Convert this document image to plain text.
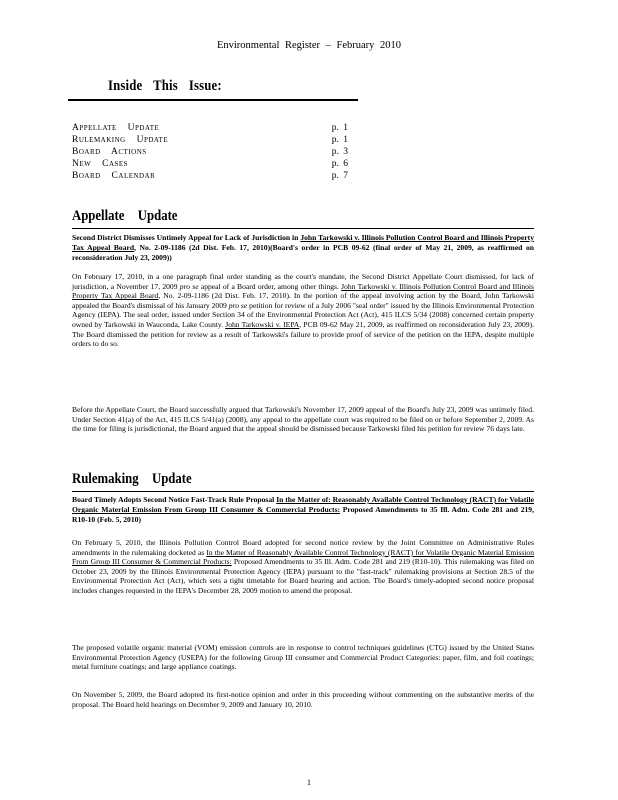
Environmental Register – February 2010
Inside This Issue:
Appellate Update	p. 1
Rulemaking Update	p. 1
Board Actions	p. 3
New Cases	p. 6
Board Calendar	p. 7
Appellate Update
Second District Dismisses Untimely Appeal for Lack of Jurisdiction in John Tarkowski v. Illinois Pollution Control Board and Illinois Property Tax Appeal Board, No. 2-09-1186 (2d Dist. Feb. 17, 2010)(Board's order in PCB 09-62 (final order of May 21, 2009, as reaffirmed on reconsideration July 23, 2009))
On February 17, 2010, in a one paragraph final order standing as the court's mandate, the Second District Appellate Court dismissed, for lack of jurisdiction, a November 17, 2009 pro se appeal of a Board order, among other things. John Tarkowski v. Illinois Pollution Control Board and Illinois Property Tax Appeal Board, No. 2-09-1186 (2d Dist. Feb. 17, 2010). In the portion of the appeal involving action by the Board, John Tarkowski appealed the Board's dismissal of his January 2009 pro se petition for review of a July 2006 "seal order" issued by the Illinois Environmental Protection Agency (IEPA). The seal order, issued under Section 34 of the Environmental Protection Act (Act), 415 ILCS 5/34 (2008) concerned certain property owned by Tarkowski in Wauconda, Lake County. John Tarkowski v. IEPA, PCB 09-62 May 21, 2009, as reaffirmed on reconsideration July 23, 2009). The Board dismissed the petition for review as a result of Tarkowski's failure to provide proof of service of the petition on the IEPA, despite multiple orders to do so.
Before the Appellate Court, the Board successfully argued that Tarkowski's November 17, 2009 appeal of the Board's July 23, 2009 was untimely filed. Under Section 41(a) of the Act, 415 ILCS 5/41(a) (2008), any appeal to the appellate court was required to be filed on or before September 2, 2009. As the time for filing is jurisdictional, the Board argued that the appeal should be dismissed because Tarkowski filed his petition for review 76 days late.
Rulemaking Update
Board Timely Adopts Second Notice Fast-Track Rule Proposal In the Matter of: Reasonably Available Control Technology (RACT) for Volatile Organic Material Emission From Group III Consumer & Commercial Products: Proposed Amendments to 35 Ill. Adm. Code 281 and 219, R10-10 (Feb. 5, 2010)
On February 5, 2010, the Illinois Pollution Control Board adopted for second notice review by the Joint Committee on Administrative Rules amendments in the rulemaking docketed as In the Matter of Reasonably Available Control Technology (RACT) for Volatile Organic Material Emission From Group III Consumer & Commercial Products: Proposed Amendments to 35 Ill. Adm. Code 281 and 219 (R10-10). This rulemaking was filed on October 23, 2009 by the Illinois Environmental Protection Agency (IEPA) pursuant to the "fast-track" rulemaking provisions at Section 28.5 of the Environmental Protection Act (Act), which sets a tight timetable for Board hearing and action. The Board's timely-adopted second notice proposal includes changes requested in the IEPA's December 28, 2009 motion to amend the proposal.
The proposed volatile organic material (VOM) emission controls are in response to control techniques guidelines (CTG) issued by the United States Environmental Protection Agency (USEPA) for the following Group III consumer and Commercial Product Categories: paper, film, and foil coatings; metal furniture coatings; and large appliance coatings.
On November 5, 2009, the Board adopted its first-notice opinion and order in this proceeding without commenting on the substantive merits of the proposal. The Board held hearings on December 9, 2009 and January 10, 2010.
1
